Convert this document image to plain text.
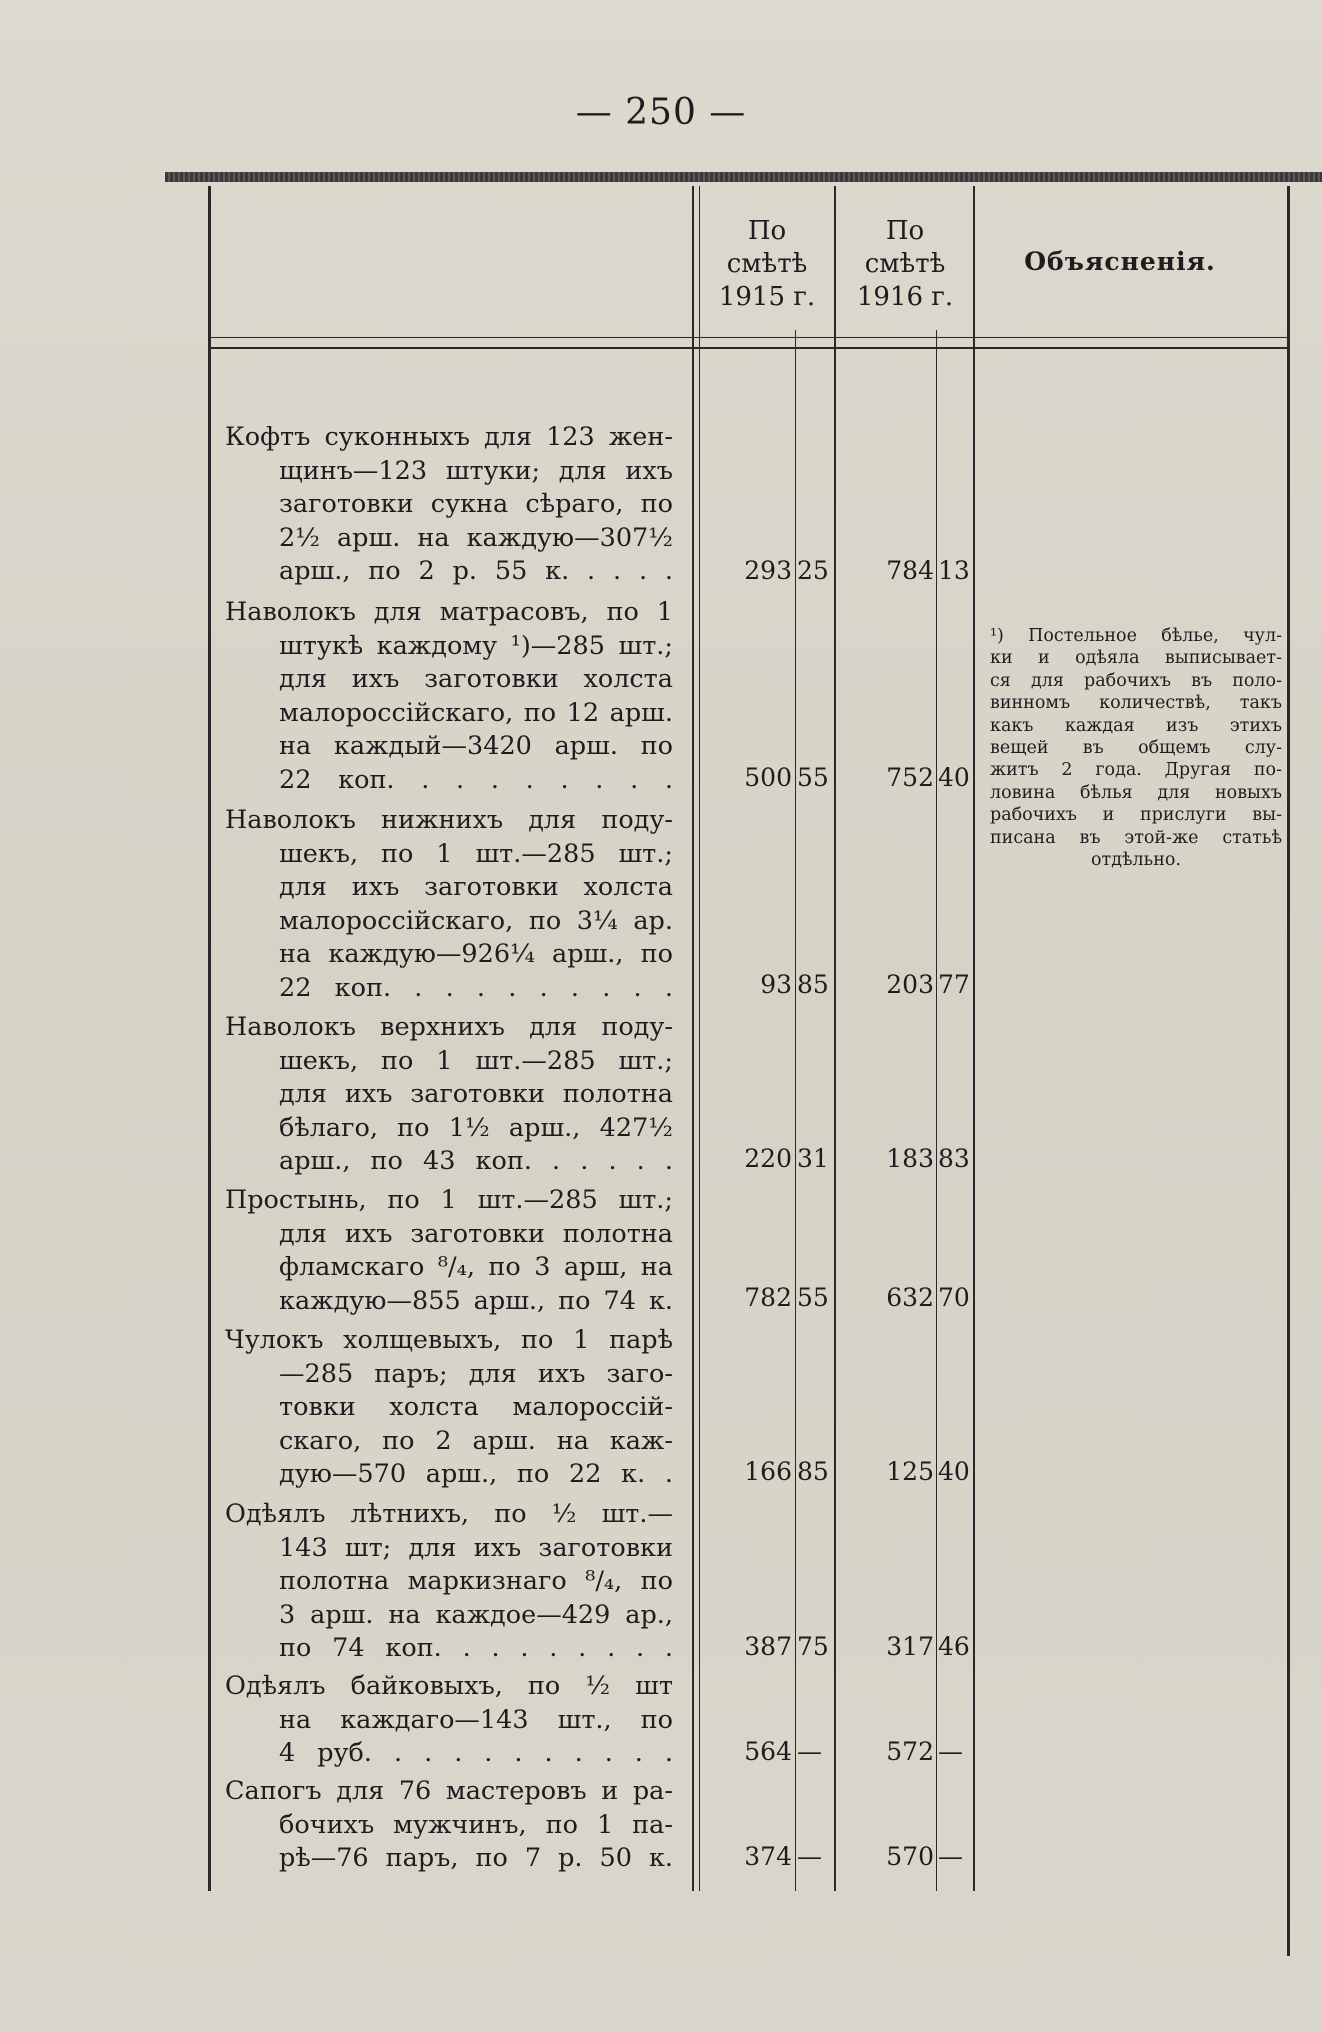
— 250 —
По
смѣтѣ
1915 г.
По
смѣтѣ
1916 г.
Объясненія.
Кофтъ суконныхъ для 123 жен-
щинъ—123 штуки; для ихъ
заготовки сукна сѣраго, по
2½ арш. на каждую—307½
арш., по 2 р. 55 к. . . . .	293 25	784 13
Наволокъ для матрасовъ, по 1
штукѣ каждому ¹)—285 шт.;
для ихъ заготовки холста
малороссійскаго, по 12 арш.
на каждый—3420 арш. по
22 коп. . . . . . . . .	500 55	752 40
Наволокъ нижнихъ для поду-
шекъ, по 1 шт.—285 шт.;
для ихъ заготовки холста
малороссійскаго, по 3¼ ар.
на каждую—926¼ арш., по
22 коп. . . . . . . . . .	93 85	203 77
Наволокъ верхнихъ для поду-
шекъ, по 1 шт.—285 шт.;
для ихъ заготовки полотна
бѣлаго, по 1½ арш., 427½
арш., по 43 коп. . . . . .	220 31	183 83
Простынь, по 1 шт.—285 шт.;
для ихъ заготовки полотна
фламскаго ⁸/₄, по 3 арш, на
каждую—855 арш., по 74 к.	782 55	632 70
Чулокъ холщевыхъ, по 1 парѣ
—285 паръ; для ихъ заго-
товки холста малороссій-
скаго, по 2 арш. на каж-
дую—570 арш., по 22 к. .	166 85	125 40
Одѣялъ лѣтнихъ, по ½ шт.—
143 шт; для ихъ заготовки
полотна маркизнаго ⁸/₄, по
3 арш. на каждое—429 ар.,
по 74 коп. . . . . . . . .	387 75	317 46
Одѣялъ байковыхъ, по ½ шт
на каждаго—143 шт., по
4 руб. . . . . . . . . . .	564 —	572 —
Сапогъ для 76 мастеровъ и ра-
бочихъ мужчинъ, по 1 па-
рѣ—76 паръ, по 7 р. 50 к.	374 —	570 —
¹) Постельное бѣлье, чул-
ки и одѣяла выписывает-
ся для рабочихъ въ поло-
винномъ количествѣ, такъ
какъ каждая изъ этихъ
вещей въ общемъ слу-
житъ 2 года. Другая по-
ловина бѣлья для новыхъ
рабочихъ и прислуги вы-
писана въ этой-же статьѣ
отдѣльно.
